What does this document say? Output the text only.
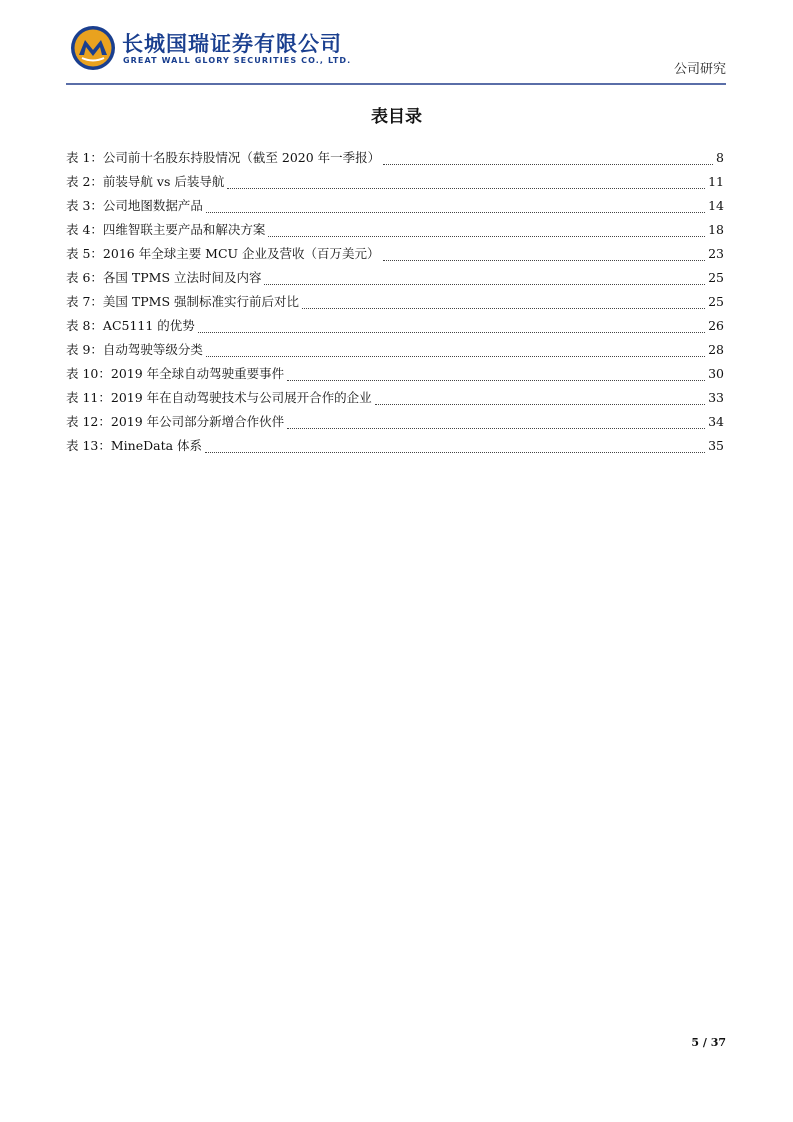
长城国瑞证券有限公司
GREAT WALL GLORY SECURITIES CO., LTD.
公司研究
表目录
表 1：公司前十名股东持股情况（截至 2020 年一季报）	8
表 2：前装导航 vs 后装导航	11
表 3：公司地图数据产品	14
表 4：四维智联主要产品和解决方案	18
表 5：2016 年全球主要 MCU 企业及营收（百万美元）	23
表 6：各国 TPMS 立法时间及内容	25
表 7：美国 TPMS 强制标准实行前后对比	25
表 8：AC5111 的优势	26
表 9：自动驾驶等级分类	28
表 10：2019 年全球自动驾驶重要事件	30
表 11：2019 年在自动驾驶技术与公司展开合作的企业	33
表 12：2019 年公司部分新增合作伙伴	34
表 13：MineData 体系	35
5 / 37
